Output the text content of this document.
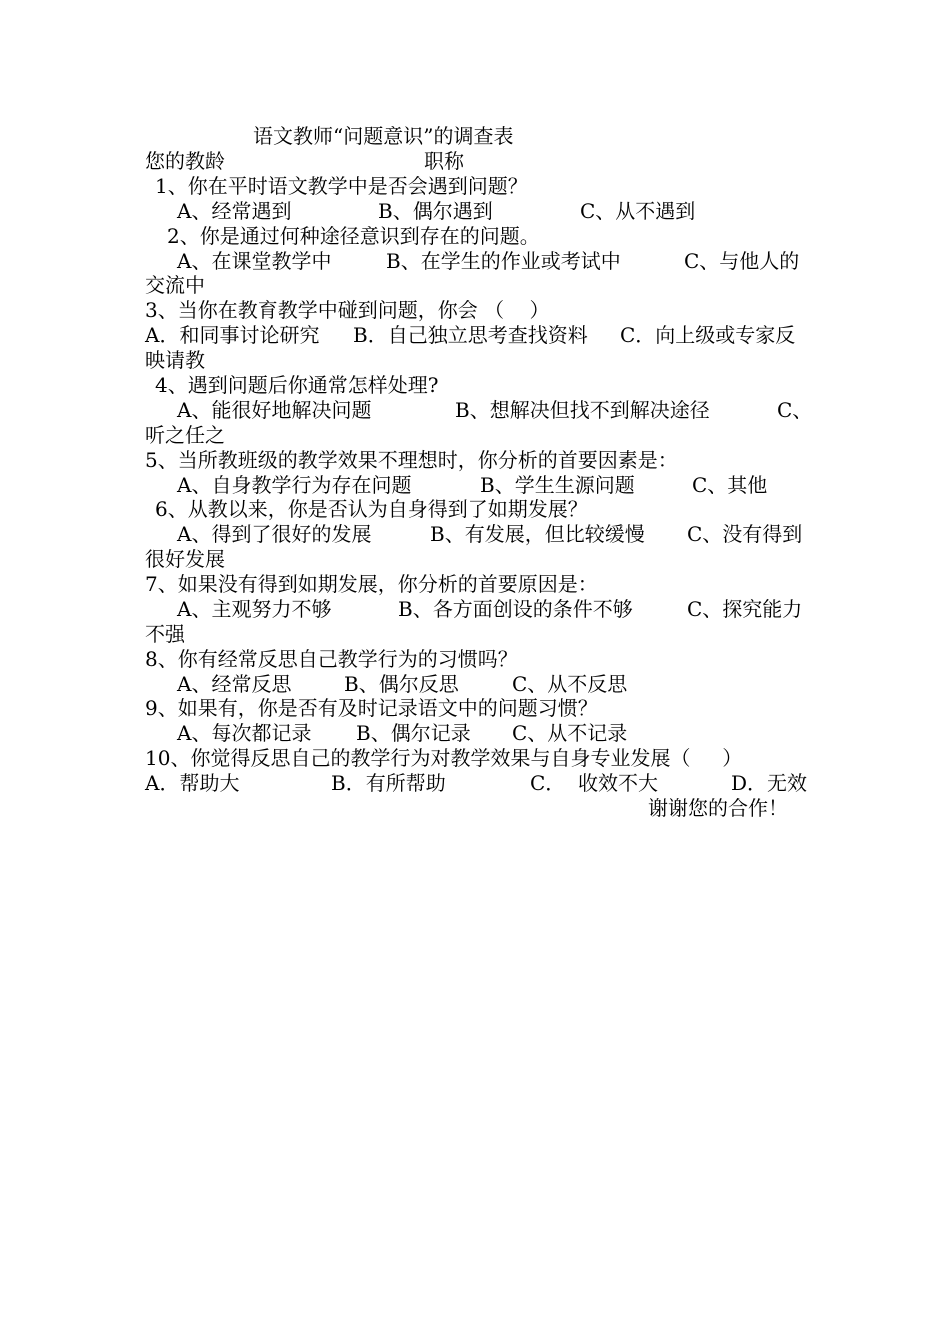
语文教师“问题意识”的调查表
您的教龄	职称
1、你在平时语文教学中是否会遇到问题？
A、经常遇到	B、偶尔遇到	C、从不遇到
2、你是通过何种途径意识到存在的问题。
A、在课堂教学中	B、在学生的作业或考试中	C、与他人的
交流中
3、当你在教育教学中碰到问题，你会 （    ）
A．和同事讨论研究 B．自己独立思考查找资料 C．向上级或专家反
映请教
4、遇到问题后你通常怎样处理?
A、能很好地解决问题	B、想解决但找不到解决途径	C、
听之任之
5、当所教班级的教学效果不理想时，你分析的首要因素是：
A、自身教学行为存在问题	B、学生生源问题	C、其他
6、从教以来，你是否认为自身得到了如期发展？
A、得到了很好的发展	B、有发展，但比较缓慢 C、没有得到
很好发展
7、如果没有得到如期发展，你分析的首要原因是：
A、主观努力不够	B、各方面创设的条件不够	C、探究能力
不强
8、你有经常反思自己教学行为的习惯吗？
A、经常反思	B、偶尔反思	C、从不反思
9、如果有，你是否有及时记录语文中的问题习惯？
A、每次都记录 B、偶尔记录 C、从不记录
10、你觉得反思自己的教学行为对教学效果与自身专业发展（     ）
A．帮助大	B．有所帮助	C．  收效不大	D．无效
谢谢您的合作！
